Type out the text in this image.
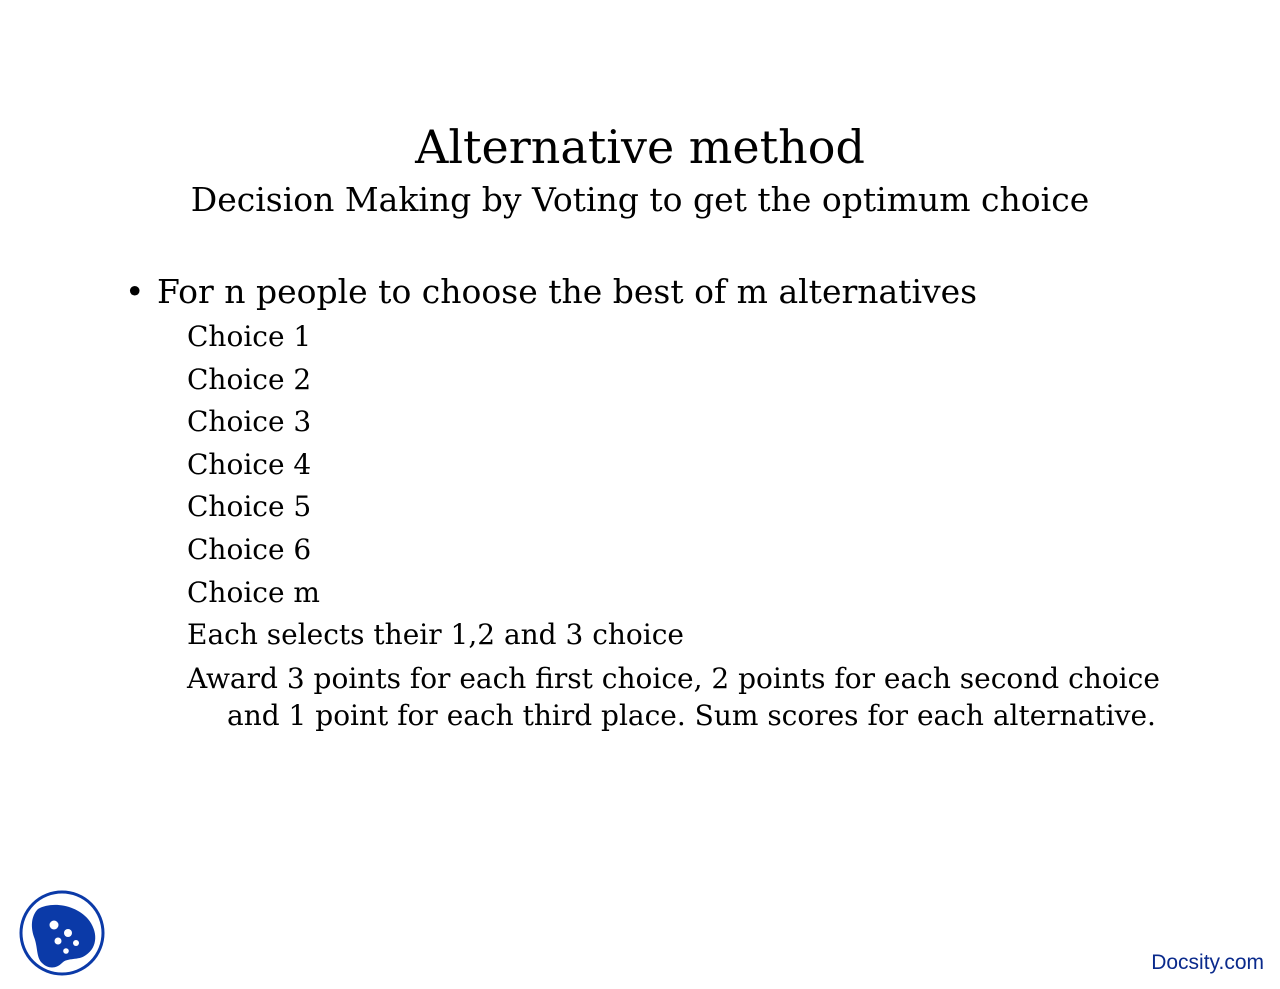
Alternative method
Decision Making by Voting to get the optimum choice
• For n people to choose the best of m alternatives
Choice 1
Choice 2
Choice 3
Choice 4
Choice 5
Choice 6
Choice m
Each selects their 1,2 and 3 choice
Award 3 points for each first choice, 2 points for each second choice and 1 point for each third place. Sum scores for each alternative.
Docsity.com
